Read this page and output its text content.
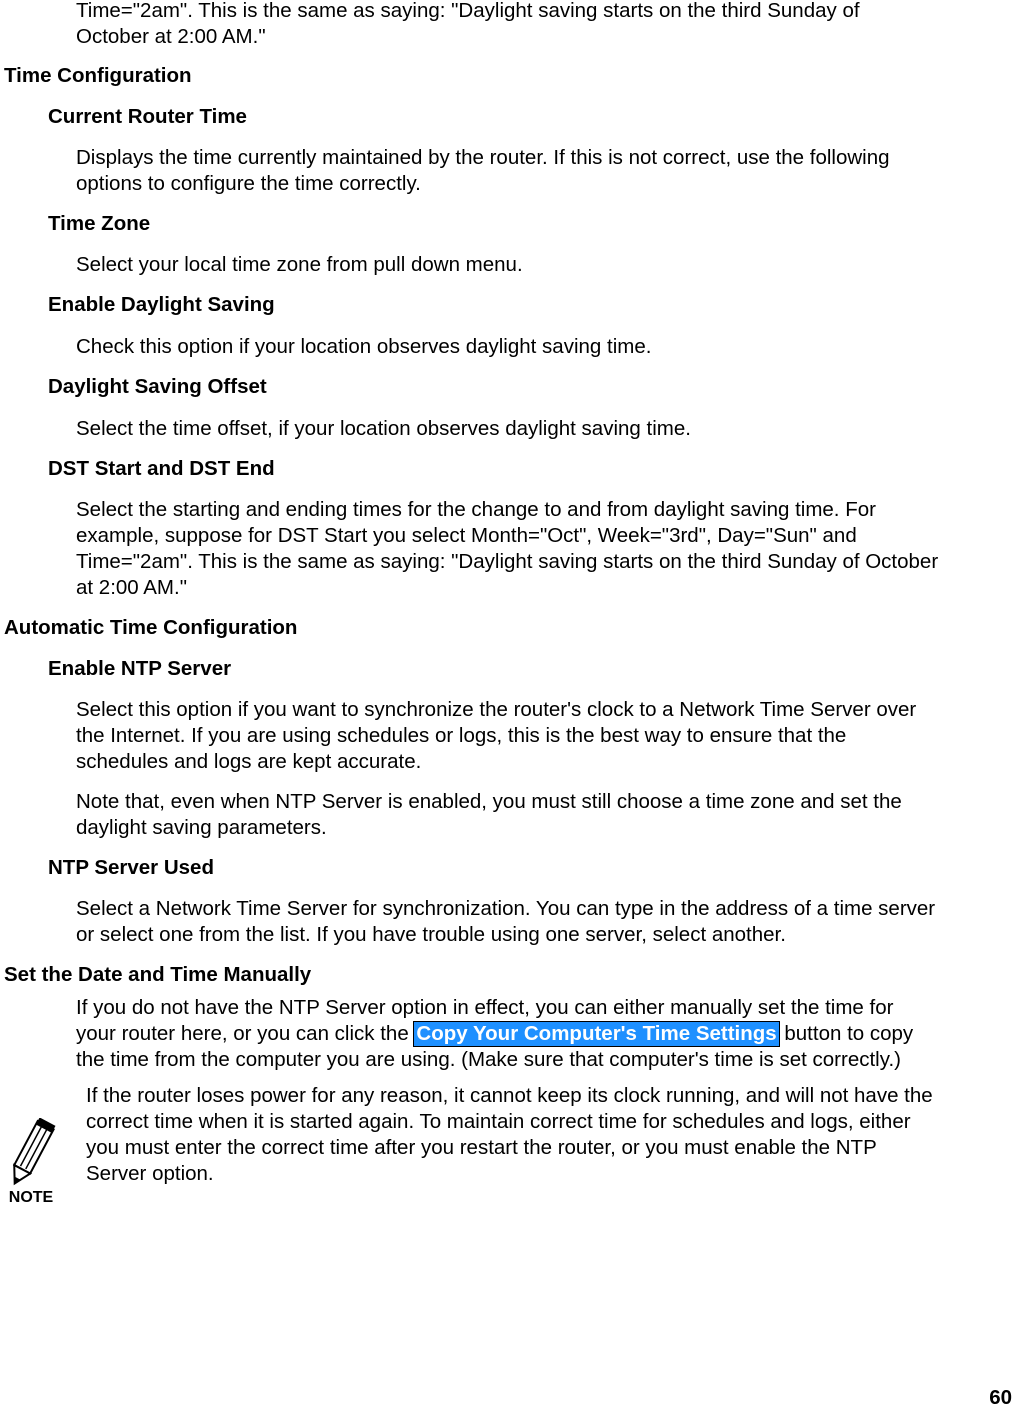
Time="2am". This is the same as saying: "Daylight saving starts on the third Sunday of
October at 2:00 AM."
Time Configuration
Current Router Time
Displays the time currently maintained by the router. If this is not correct, use the following
options to configure the time correctly.
Time Zone
Select your local time zone from pull down menu.
Enable Daylight Saving
Check this option if your location observes daylight saving time.
Daylight Saving Offset
Select the time offset, if your location observes daylight saving time.
DST Start and DST End
Select the starting and ending times for the change to and from daylight saving time. For
example, suppose for DST Start you select Month="Oct", Week="3rd", Day="Sun" and
Time="2am". This is the same as saying: "Daylight saving starts on the third Sunday of October
at 2:00 AM."
Automatic Time Configuration
Enable NTP Server
Select this option if you want to synchronize the router's clock to a Network Time Server over
the Internet. If you are using schedules or logs, this is the best way to ensure that the
schedules and logs are kept accurate.
Note that, even when NTP Server is enabled, you must still choose a time zone and set the
daylight saving parameters.
NTP Server Used
Select a Network Time Server for synchronization. You can type in the address of a time server
or select one from the list. If you have trouble using one server, select another.
Set the Date and Time Manually
If you do not have the NTP Server option in effect, you can either manually set the time for
your router here, or you can click the Copy Your Computer's Time Settings button to copy
the time from the computer you are using. (Make sure that computer's time is set correctly.)
NOTE
If the router loses power for any reason, it cannot keep its clock running, and will not have the
correct time when it is started again. To maintain correct time for schedules and logs, either
you must enter the correct time after you restart the router, or you must enable the NTP
Server option.
60
